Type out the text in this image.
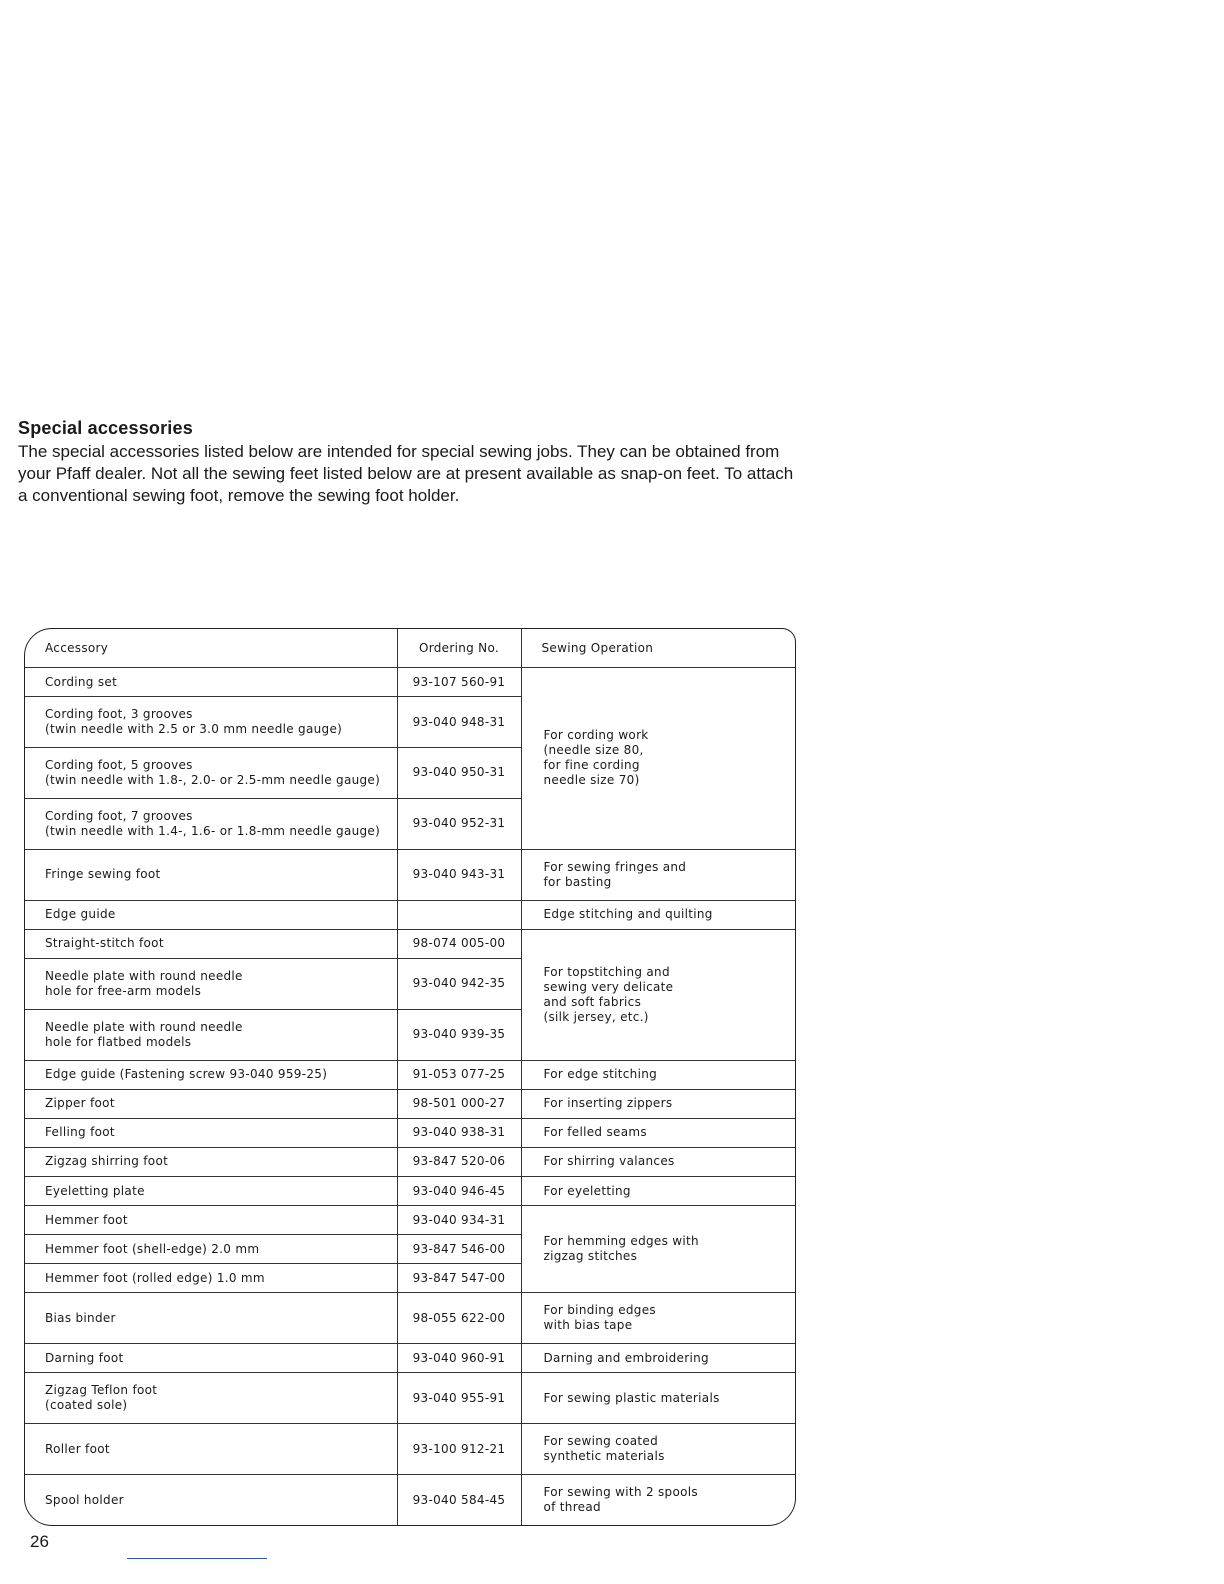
Special accessories

The special accessories listed below are intended for special sewing jobs. They can be obtained from your Pfaff dealer. Not all the sewing feet listed below are at present available as snap-on feet. To attach a conventional sewing foot, remove the sewing foot holder.

Accessory	Ordering No.	Sewing Operation
Cording set	93-107 560-91	For cording work
(needle size 80,
for fine cording
needle size 70)
Cording foot, 3 grooves
(twin needle with 2.5 or 3.0 mm needle gauge)	93-040 948-31	
Cording foot, 5 grooves
(twin needle with 1.8-, 2.0- or 2.5-mm needle gauge)	93-040 950-31	
Cording foot, 7 grooves
(twin needle with 1.4-, 1.6- or 1.8-mm needle gauge)	93-040 952-31	
Fringe sewing foot	93-040 943-31	For sewing fringes and
for basting
Edge guide		Edge stitching and quilting
Straight-stitch foot	98-074 005-00	For topstitching and
sewing very delicate
and soft fabrics
(silk jersey, etc.)
Needle plate with round needle
hole for free-arm models	93-040 942-35	
Needle plate with round needle
hole for flatbed models	93-040 939-35	
Edge guide (Fastening screw 93-040 959-25)	91-053 077-25	For edge stitching
Zipper foot	98-501 000-27	For inserting zippers
Felling foot	93-040 938-31	For felled seams
Zigzag shirring foot	93-847 520-06	For shirring valances
Eyeletting plate	93-040 946-45	For eyeletting
Hemmer foot	93-040 934-31	For hemming edges with
zigzag stitches
Hemmer foot (shell-edge) 2.0 mm	93-847 546-00	
Hemmer foot (rolled edge) 1.0 mm	93-847 547-00	
Bias binder	98-055 622-00	For binding edges
with bias tape
Darning foot	93-040 960-91	Darning and embroidering
Zigzag Teflon foot
(coated sole)	93-040 955-91	For sewing plastic materials
Roller foot	93-100 912-21	For sewing coated
synthetic materials
Spool holder	93-040 584-45	For sewing with 2 spools
of thread
26
